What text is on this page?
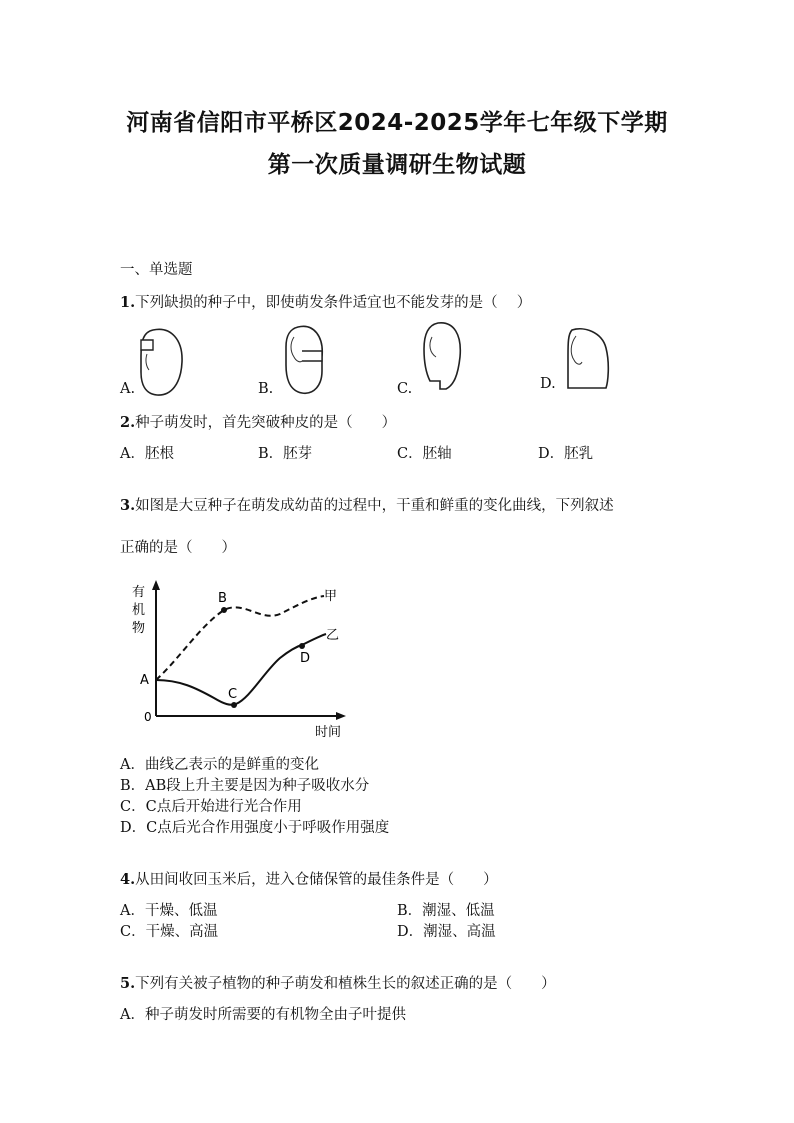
河南省信阳市平桥区2024-2025学年七年级下学期
第一次质量调研生物试题
一、单选题
1.下列缺损的种子中，即使萌发条件适宜也不能发芽的是（　 ）
A.	B.	C.	D.
2.种子萌发时，首先突破种皮的是（　　）
A．胚根	B．胚芽	C．胚轴	D．胚乳
3.如图是大豆种子在萌发成幼苗的过程中，干重和鲜重的变化曲线，下列叙述
正确的是（　　）
有
机
物
0
时间
A
B
C
D
甲
乙
A．曲线乙表示的是鲜重的变化
B．AB段上升主要是因为种子吸收水分
C．C点后开始进行光合作用
D．C点后光合作用强度小于呼吸作用强度
4.从田间收回玉米后，进入仓储保管的最佳条件是（　　）
A．干燥、低温	B．潮湿、低温
C．干燥、高温	D．潮湿、高温
5.下列有关被子植物的种子萌发和植株生长的叙述正确的是（　　）
A．种子萌发时所需要的有机物全由子叶提供
